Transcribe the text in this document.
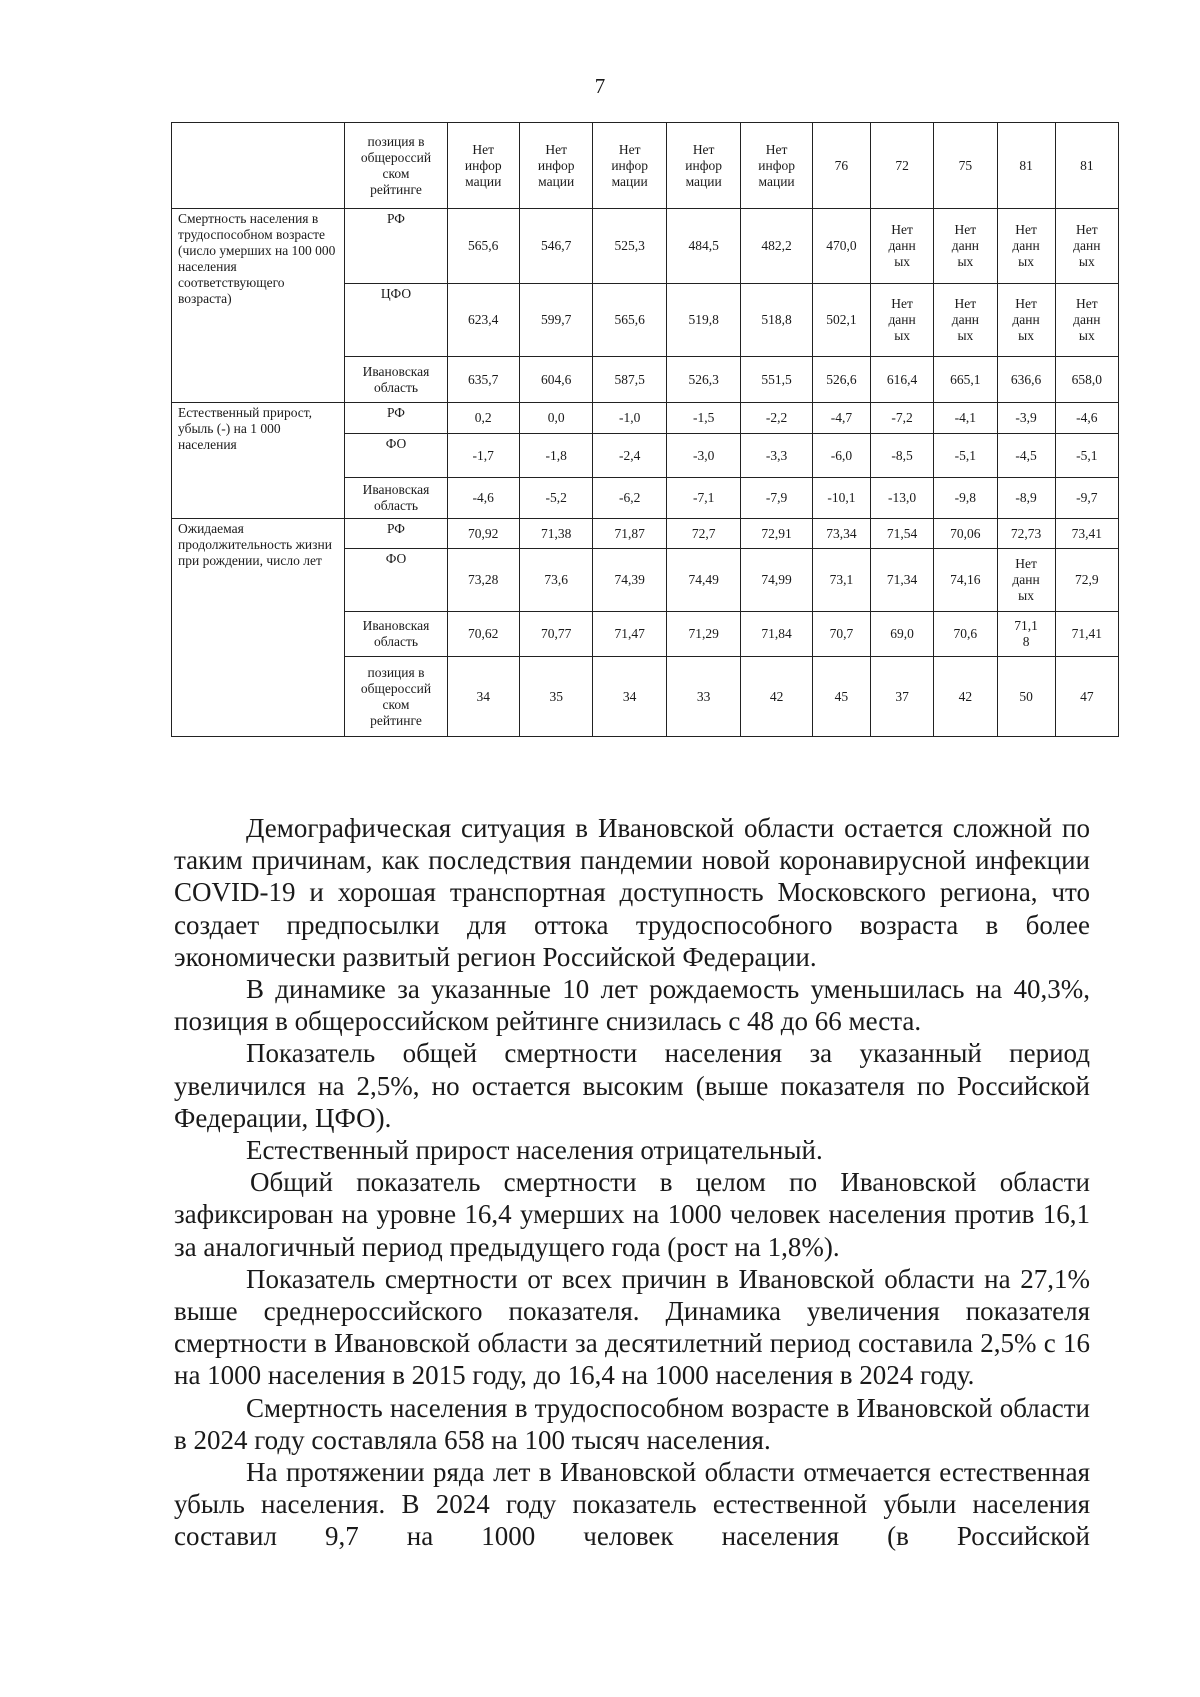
7
	позиция в
общероссий
ском
рейтинге	Нет
инфор
мации	Нет
инфор
мации	Нет
инфор
мации	Нет
инфор
мации	Нет
инфор
мации	76	72	75	81	81
Смертность населения в трудоспособном возрасте (число умерших на 100 000 населения соответствующего возраста)	РФ	565,6	546,7	525,3	484,5	482,2	470,0	Нет
данн
ых	Нет
данн
ых	Нет
данн
ых	Нет
данн
ых
	ЦФО	623,4	599,7	565,6	519,8	518,8	502,1	Нет
данн
ых	Нет
данн
ых	Нет
данн
ых	Нет
данн
ых
	Ивановская
область	635,7	604,6	587,5	526,3	551,5	526,6	616,4	665,1	636,6	658,0
Естественный прирост, убыль (-) на 1 000 населения	РФ	0,2	0,0	-1,0	-1,5	-2,2	-4,7	-7,2	-4,1	-3,9	-4,6
	ФО	-1,7	-1,8	-2,4	-3,0	-3,3	-6,0	-8,5	-5,1	-4,5	-5,1
	Ивановская
область	-4,6	-5,2	-6,2	-7,1	-7,9	-10,1	-13,0	-9,8	-8,9	-9,7
Ожидаемая продолжительность жизни при рождении, число лет	РФ	70,92	71,38	71,87	72,7	72,91	73,34	71,54	70,06	72,73	73,41
	ФО	73,28	73,6	74,39	74,49	74,99	73,1	71,34	74,16	Нет
данн
ых	72,9
	Ивановская
область	70,62	70,77	71,47	71,29	71,84	70,7	69,0	70,6	71,1
8	71,41
	позиция в
общероссий
ском
рейтинге	34	35	34	33	42	45	37	42	50	47

Демографическая ситуация в Ивановской области остается сложной по таким причинам, как последствия пандемии новой коронавирусной инфекции COVID-19 и хорошая транспортная доступность Московского региона, что создает предпосылки для оттока трудоспособного возраста в более экономически развитый регион Российской Федерации.

В динамике за указанные 10 лет рождаемость уменьшилась на 40,3%, позиция в общероссийском рейтинге снизилась с 48 до 66 места.

Показатель общей смертности населения за указанный период увеличился на 2,5%, но остается высоким (выше показателя по Российской Федерации, ЦФО).

Естественный прирост населения отрицательный.

Общий показатель смертности в целом по Ивановской области зафиксирован на уровне 16,4 умерших на 1000 человек населения против 16,1 за аналогичный период предыдущего года (рост на 1,8%).

Показатель смертности от всех причин в Ивановской области на 27,1% выше среднероссийского показателя. Динамика увеличения показателя смертности в Ивановской области за десятилетний период составила 2,5% с 16 на 1000 населения в 2015 году, до 16,4 на 1000 населения в 2024 году.

Смертность населения в трудоспособном возрасте в Ивановской области в 2024 году составляла 658 на 100 тысяч населения.

На протяжении ряда лет в Ивановской области отмечается естественная убыль населения. В 2024 году показатель естественной убыли населения составил 9,7 на 1000 человек населения (в Российской
